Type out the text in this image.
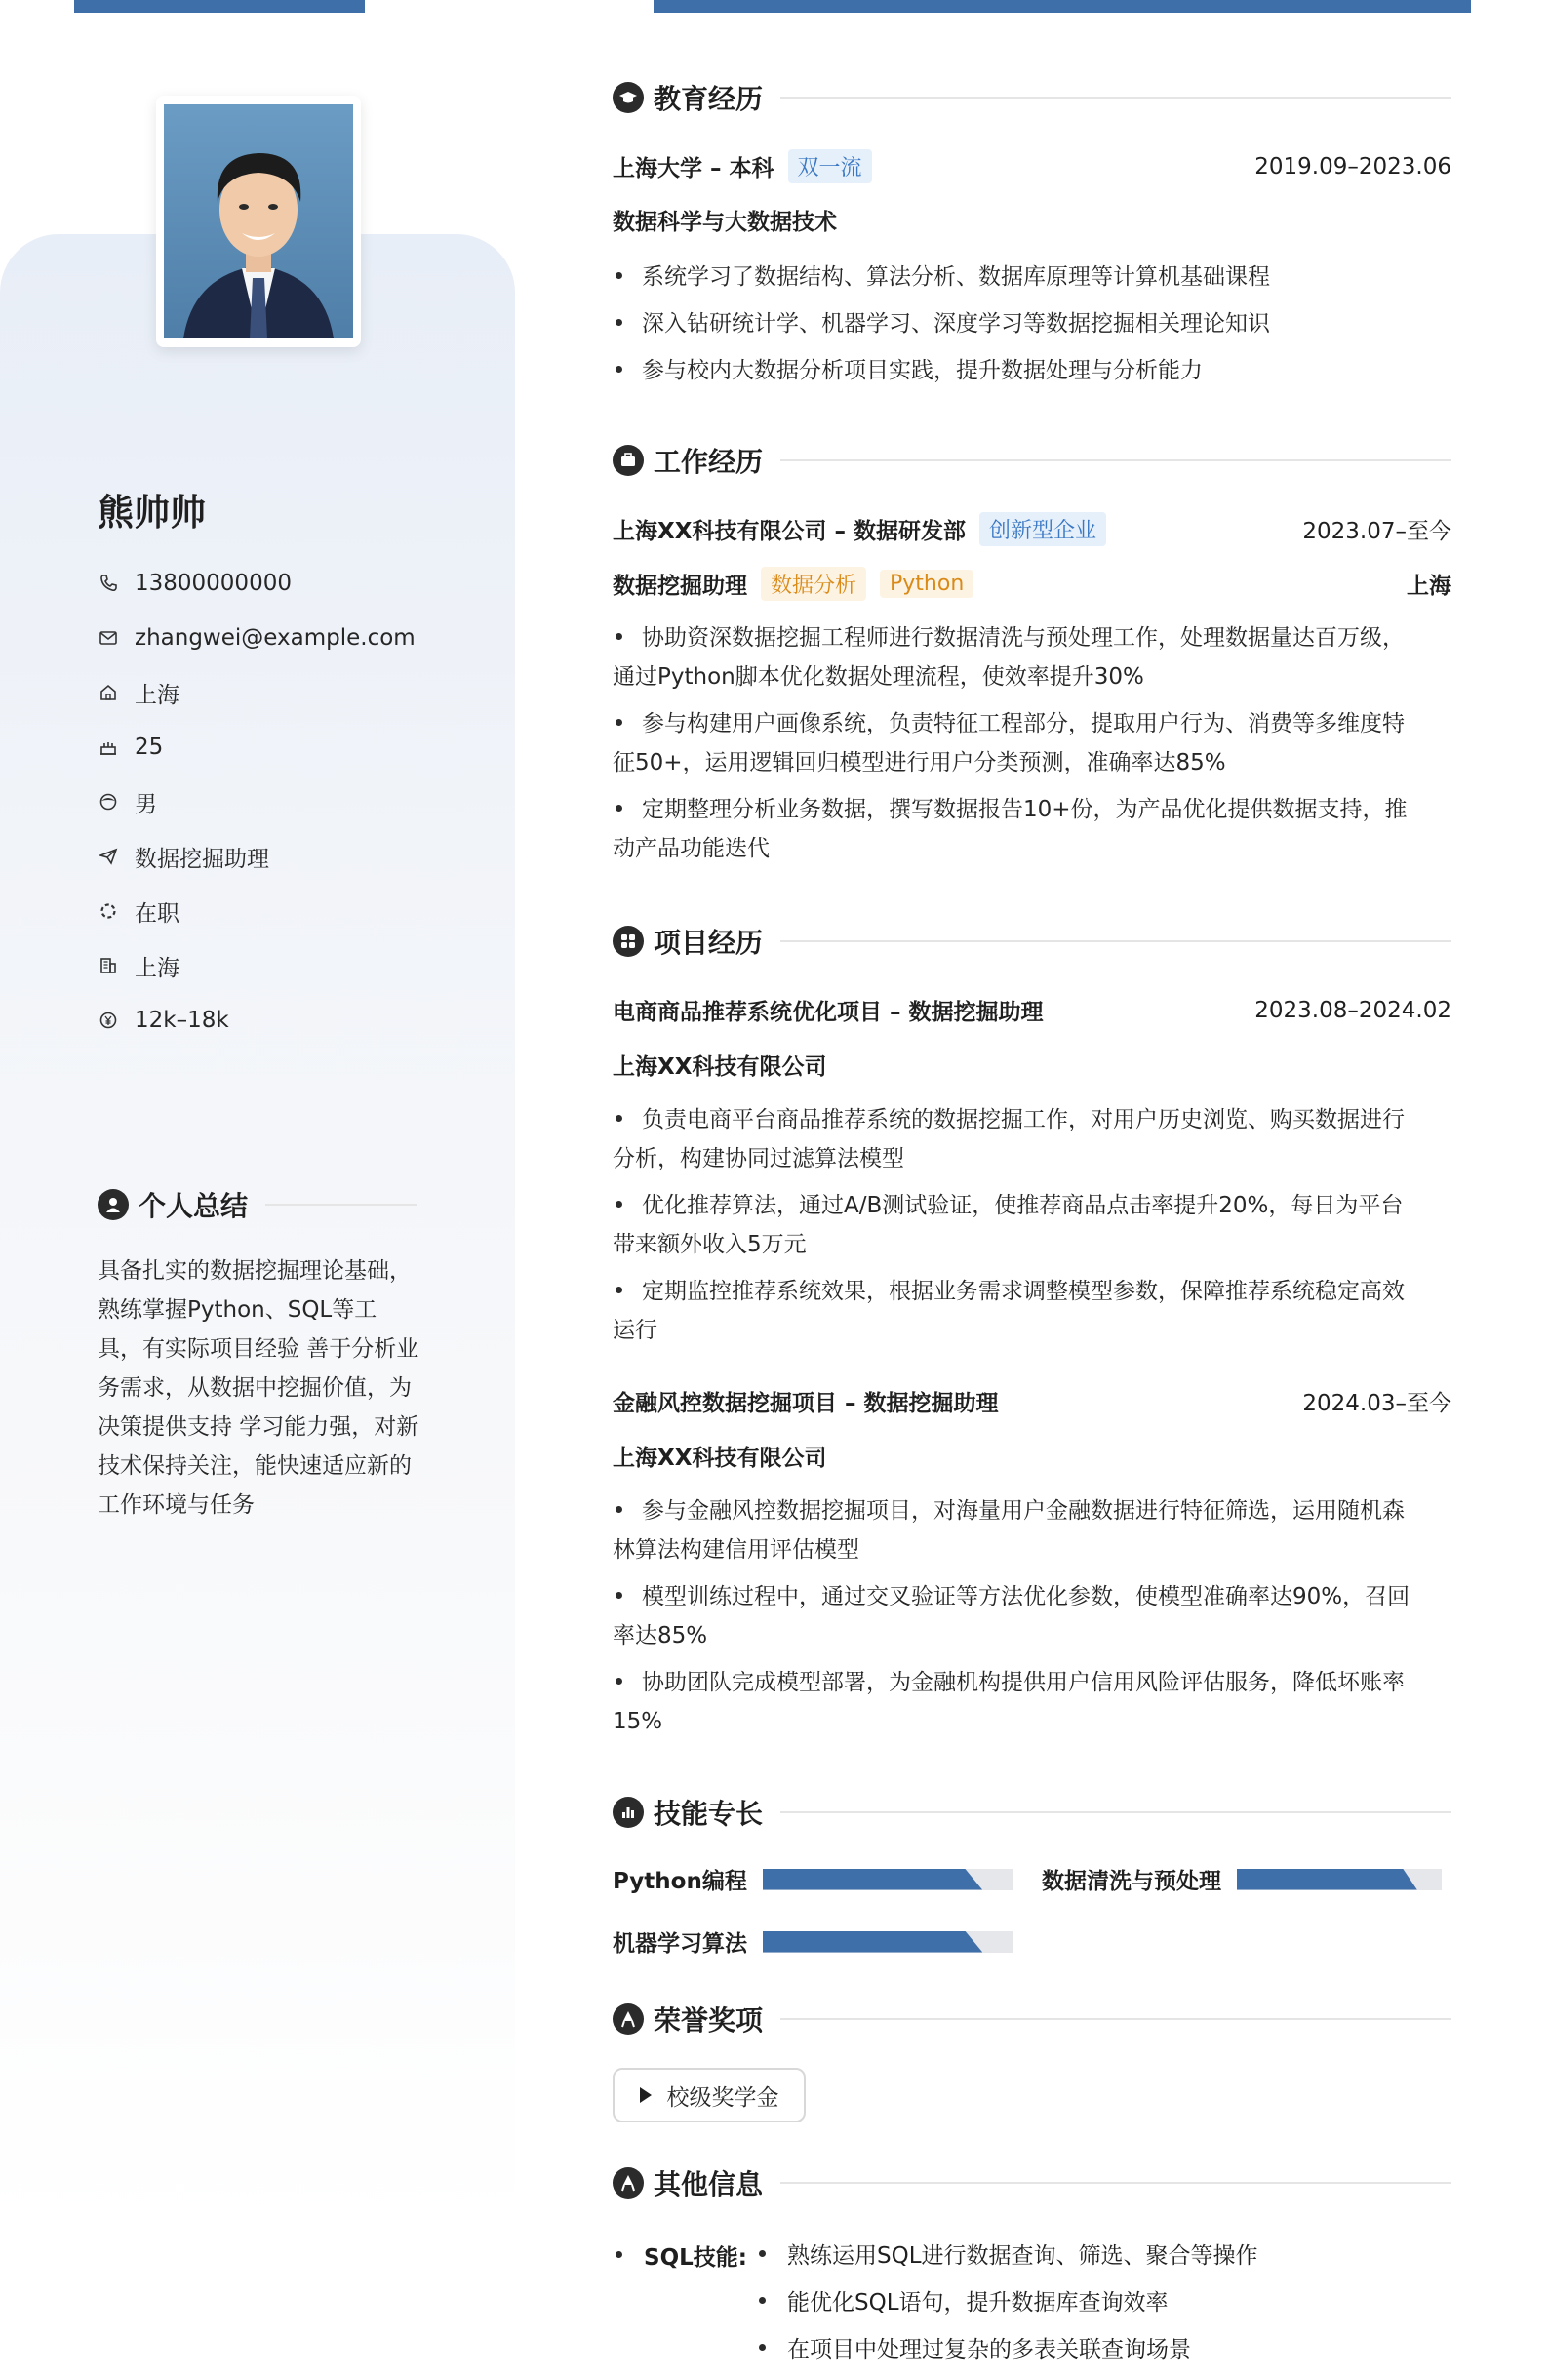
熊帅帅
13800000000
zhangwei@example.com
上海
25
男
数据挖掘助理
在职
上海
12k–18k
个人总结
具备扎实的数据挖掘理论基础，熟练掌握Python、SQL等工具，有实际项目经验 善于分析业务需求，从数据中挖掘价值，为决策提供支持 学习能力强，对新技术保持关注，能快速适应新的工作环境与任务
教育经历
上海大学 – 本科	双一流	2019.09–2023.06
数据科学与大数据技术
系统学习了数据结构、算法分析、数据库原理等计算机基础课程
深入钻研统计学、机器学习、深度学习等数据挖掘相关理论知识
参与校内大数据分析项目实践，提升数据处理与分析能力
工作经历
上海XX科技有限公司 – 数据研发部	创新型企业	2023.07–至今
数据挖掘助理	数据分析	Python	上海
协助资深数据挖掘工程师进行数据清洗与预处理工作，处理数据量达百万级，
通过Python脚本优化数据处理流程，使效率提升30%
参与构建用户画像系统，负责特征工程部分，提取用户行为、消费等多维度特
征50+，运用逻辑回归模型进行用户分类预测，准确率达85%
定期整理分析业务数据，撰写数据报告10+份，为产品优化提供数据支持，推
动产品功能迭代
项目经历
电商商品推荐系统优化项目 – 数据挖掘助理	2023.08–2024.02
上海XX科技有限公司
负责电商平台商品推荐系统的数据挖掘工作，对用户历史浏览、购买数据进行
分析，构建协同过滤算法模型
优化推荐算法，通过A/B测试验证，使推荐商品点击率提升20%，每日为平台
带来额外收入5万元
定期监控推荐系统效果，根据业务需求调整模型参数，保障推荐系统稳定高效
运行
金融风控数据挖掘项目 – 数据挖掘助理	2024.03–至今
上海XX科技有限公司
参与金融风控数据挖掘项目，对海量用户金融数据进行特征筛选，运用随机森
林算法构建信用评估模型
模型训练过程中，通过交叉验证等方法优化参数，使模型准确率达90%，召回
率达85%
协助团队完成模型部署，为金融机构提供用户信用风险评估服务，降低坏账率
15%
技能专长
Python编程	数据清洗与预处理
机器学习算法
荣誉奖项
校级奖学金
其他信息
SQL技能: 熟练运用SQL进行数据查询、筛选、聚合等操作
能优化SQL语句，提升数据库查询效率
在项目中处理过复杂的多表关联查询场景
